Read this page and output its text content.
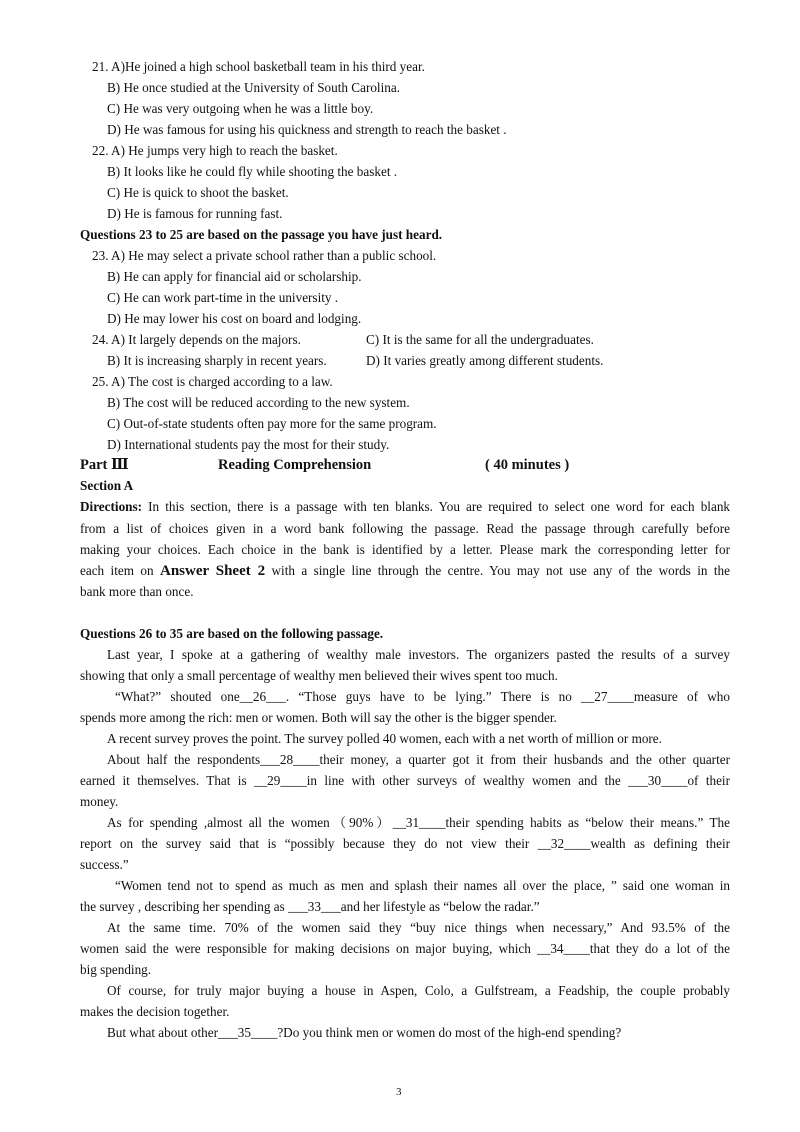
21. A)He joined a high school basketball team in his third year.
B) He once studied at the University of South Carolina.
C) He was very outgoing when he was a little boy.
D) He was famous for using his quickness and strength to reach the basket .
22. A) He jumps very high to reach the basket.
B) It looks like he could fly while shooting the basket .
C) He is quick to shoot the basket.
D) He is famous for running fast.
Questions 23 to 25 are based on the passage you have just heard.
23. A) He may select a private school rather than a public school.
B) He can apply for financial aid or scholarship.
C) He can work part-time in the university .
D) He may lower his cost on board and lodging.
24. A) It largely depends on the majors.	C) It is the same for all the undergraduates.
B) It is increasing sharply in recent years.	D) It varies greatly among different students.
25. A) The cost is charged according to a law.
B) The cost will be reduced according to the new system.
C) Out-of-state students often pay more for the same program.
D) International students pay the most for their study.
Part Ⅲ	Reading Comprehension	( 40 minutes )
Section A
Directions: In this section, there is a passage with ten blanks. You are required to select one word for each blank
from a list of choices given in a word bank following the passage. Read the passage through carefully before
making your choices. Each choice in the bank is identified by a letter. Please mark the corresponding letter for
each item on Answer Sheet 2 with a single line through the centre. You may not use any of the words in the
bank more than once.
Questions 26 to 35 are based on the following passage.
Last year, I spoke at a gathering of wealthy male investors. The organizers pasted the results of a survey
showing that only a small percentage of wealthy men believed their wives spent too much.
“What?” shouted one__26___. “Those guys have to be lying.” There is no __27____measure of who
spends more among the rich: men or women. Both will say the other is the bigger spender.
A recent survey proves the point. The survey polled 40 women, each with a net worth of million or more.
About half the respondents___28____their money, a quarter got it from their husbands and the other quarter
earned it themselves. That is __29____in line with other surveys of wealthy women and the ___30____of their
money.
As for spending ,almost all the women（90%）__31____their spending habits as “below their means.” The
report on the survey said that is “possibly because they do not view their __32____wealth as defining their
success.”
“Women tend not to spend as much as men and splash their names all over the place, ” said one woman in
the survey , describing her spending as ___33___and her lifestyle as “below the radar.”
At the same time. 70% of the women said they “buy nice things when necessary,” And 93.5% of the
women said the were responsible for making decisions on major buying, which __34____that they do a lot of the
big spending.
Of course, for truly major buying a house in Aspen, Colo, a Gulfstream, a Feadship, the couple probably
makes the decision together.
But what about other___35____?Do you think men or women do most of the high-end spending?
3
